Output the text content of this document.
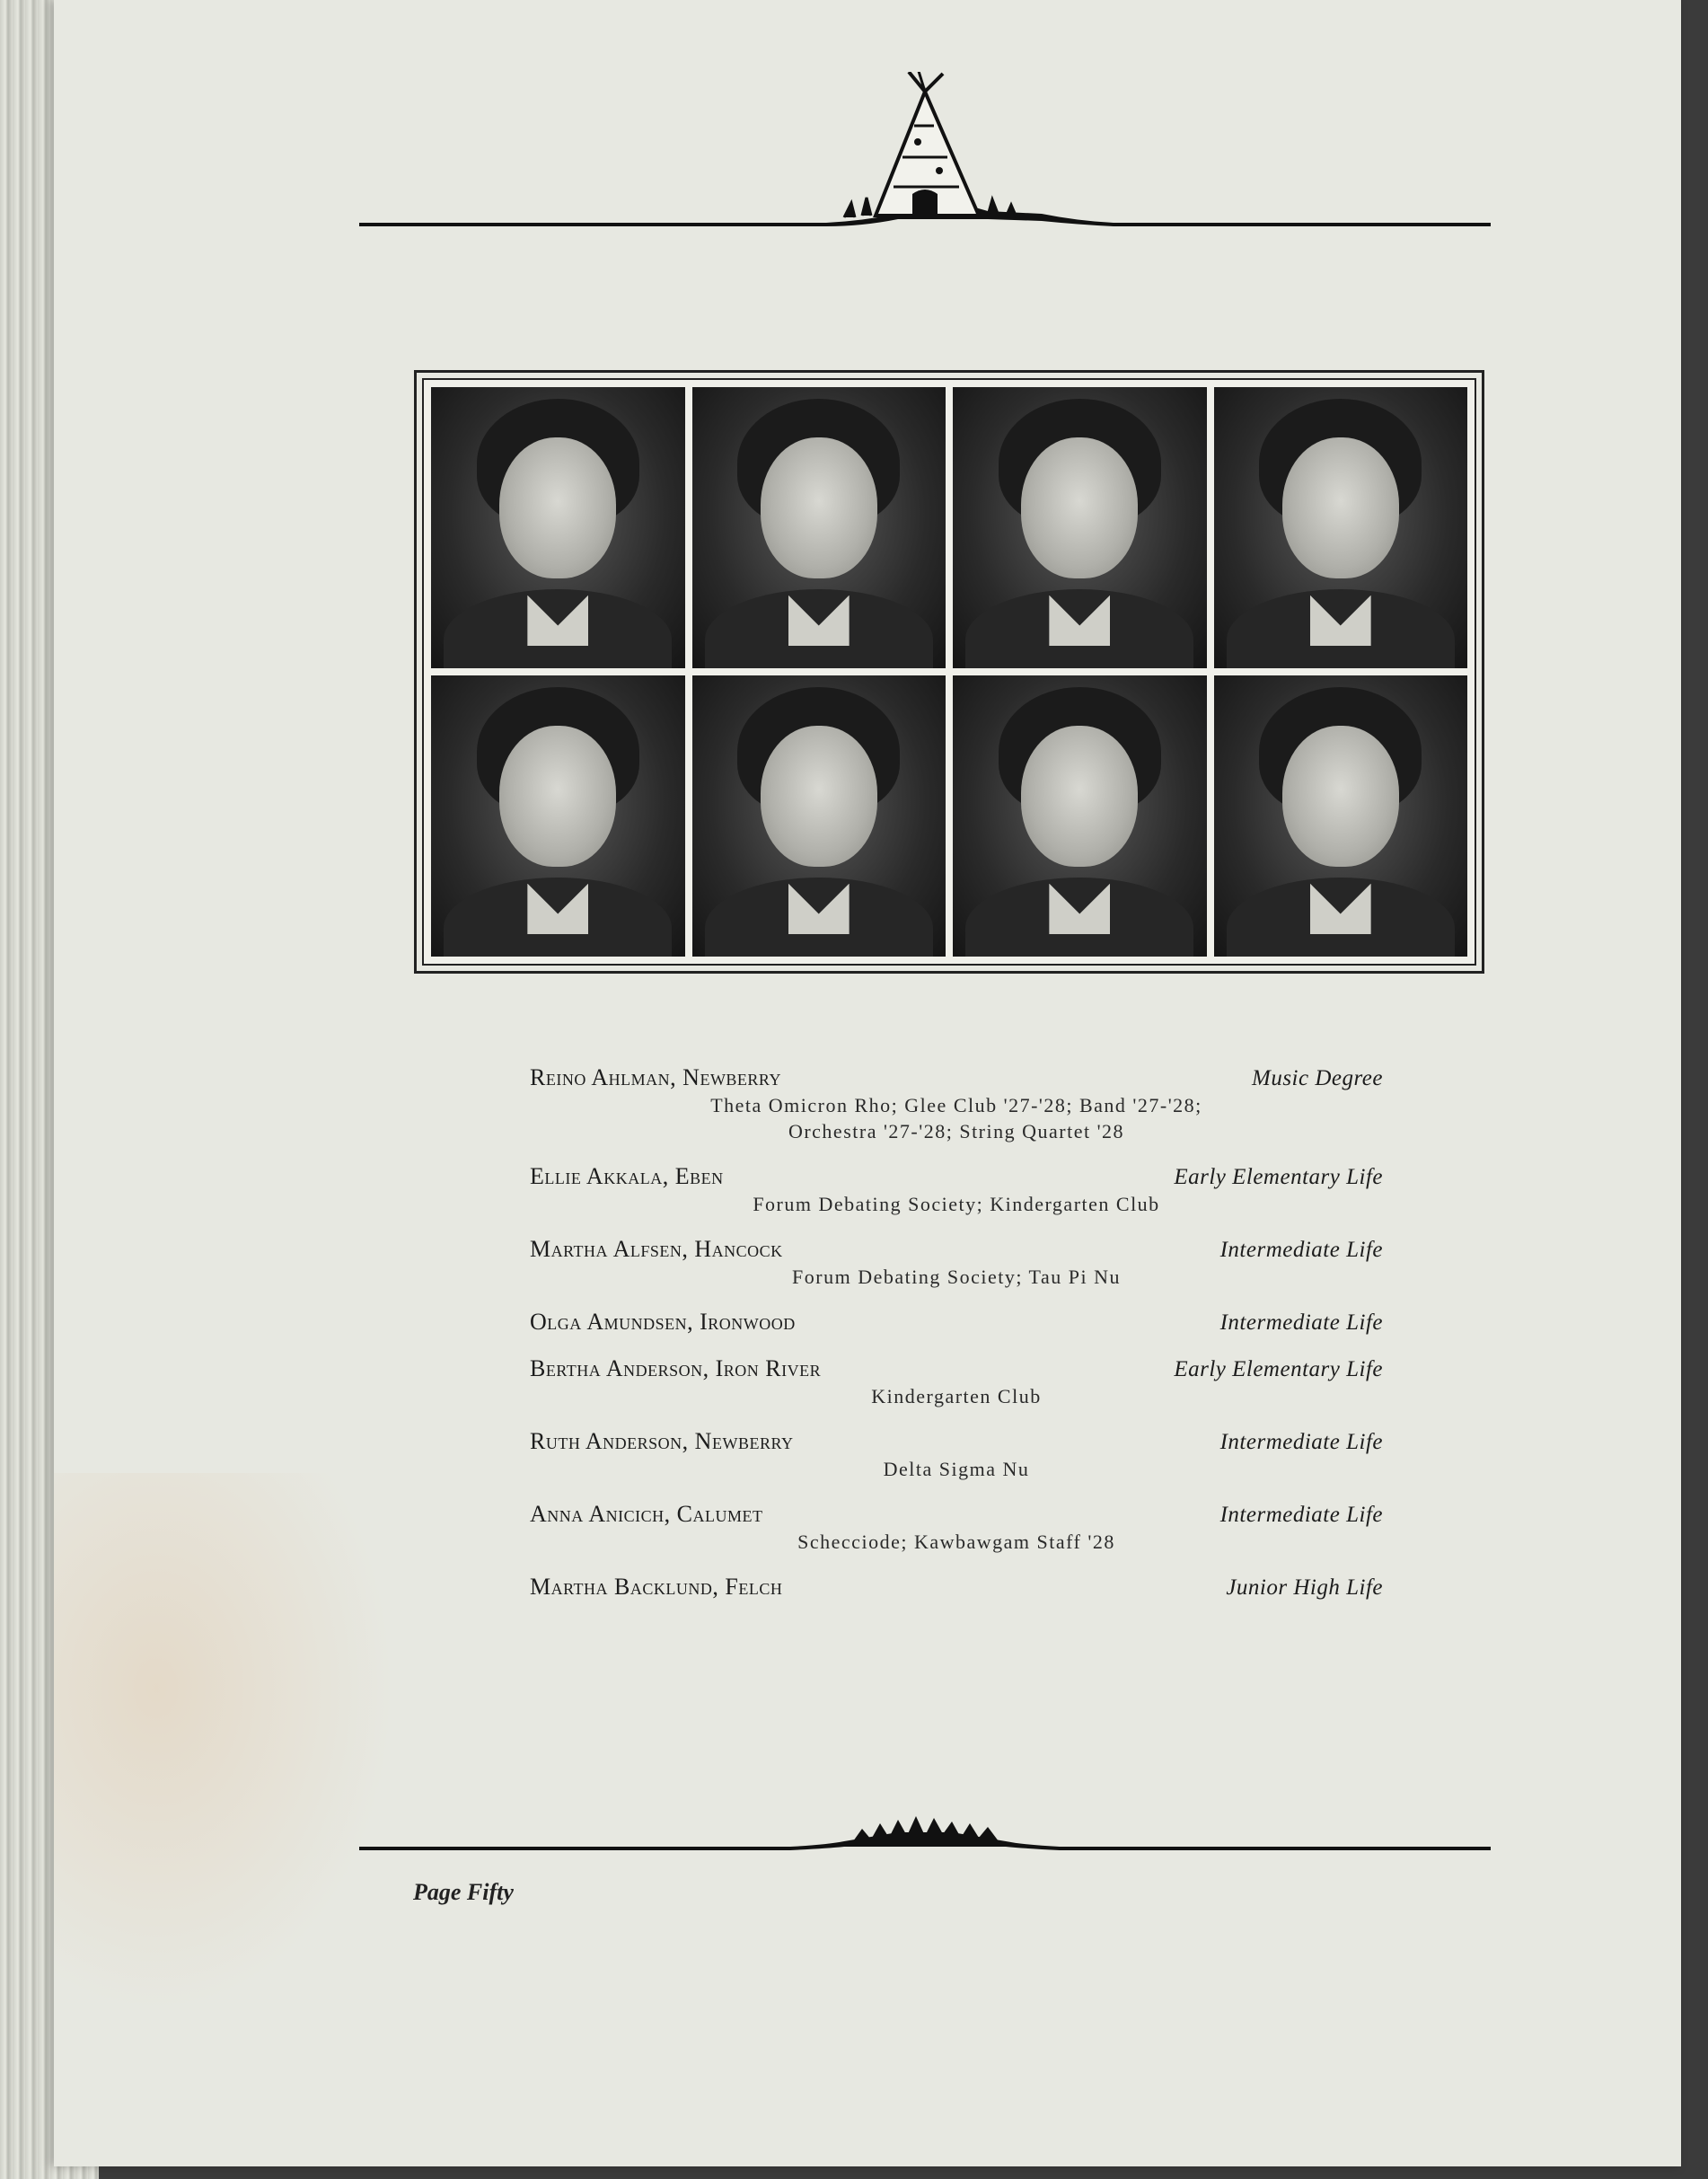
Reino Ahlman, Newberry	Music Degree
Theta Omicron Rho; Glee Club '27-'28; Band '27-'28;
Orchestra '27-'28; String Quartet '28
Ellie Akkala, Eben	Early Elementary Life
Forum Debating Society; Kindergarten Club
Martha Alfsen, Hancock	Intermediate Life
Forum Debating Society; Tau Pi Nu
Olga Amundsen, Ironwood	Intermediate Life
Bertha Anderson, Iron River	Early Elementary Life
Kindergarten Club
Ruth Anderson, Newberry	Intermediate Life
Delta Sigma Nu
Anna Anicich, Calumet	Intermediate Life
Schecciode; Kawbawgam Staff '28
Martha Backlund, Felch	Junior High Life
Page Fifty
